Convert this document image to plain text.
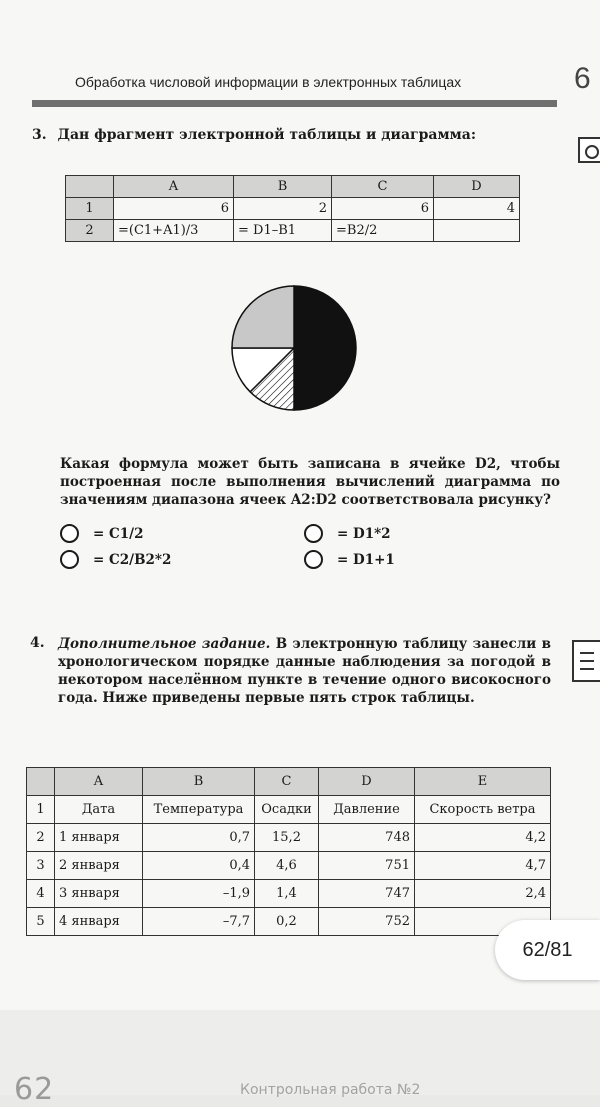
Обработка числовой информации в электронных таблицах	6
3. Дан фрагмент электронной таблицы и диаграмма:
	A	B	C	D
1	6	2	6	4
2	=(C1+A1)/3	= D1–B1	=B2/2	
Какая формула может быть записана в ячейке D2, чтобы построенная после выполнения вычислений диаграмма по значениям диапазона ячеек A2:D2 соответствовала рисунку?
= C1/2	= D1*2
= C2/B2*2	= D1+1
4. Дополнительное задание. В электронную таблицу занесли в хронологическом порядке данные наблюдения за погодой в некотором населённом пункте в течение одного високосного года. Ниже приведены первые пять строк таблицы.
	A	B	C	D	E
1	Дата	Температура	Осадки	Давление	Скорость ветра
2	1 января	0,7	15,2	748	4,2
3	2 января	0,4	4,6	751	4,7
4	3 января	–1,9	1,4	747	2,4
5	4 января	–7,7	0,2	752	
62/81
62	Контрольная работа №2
